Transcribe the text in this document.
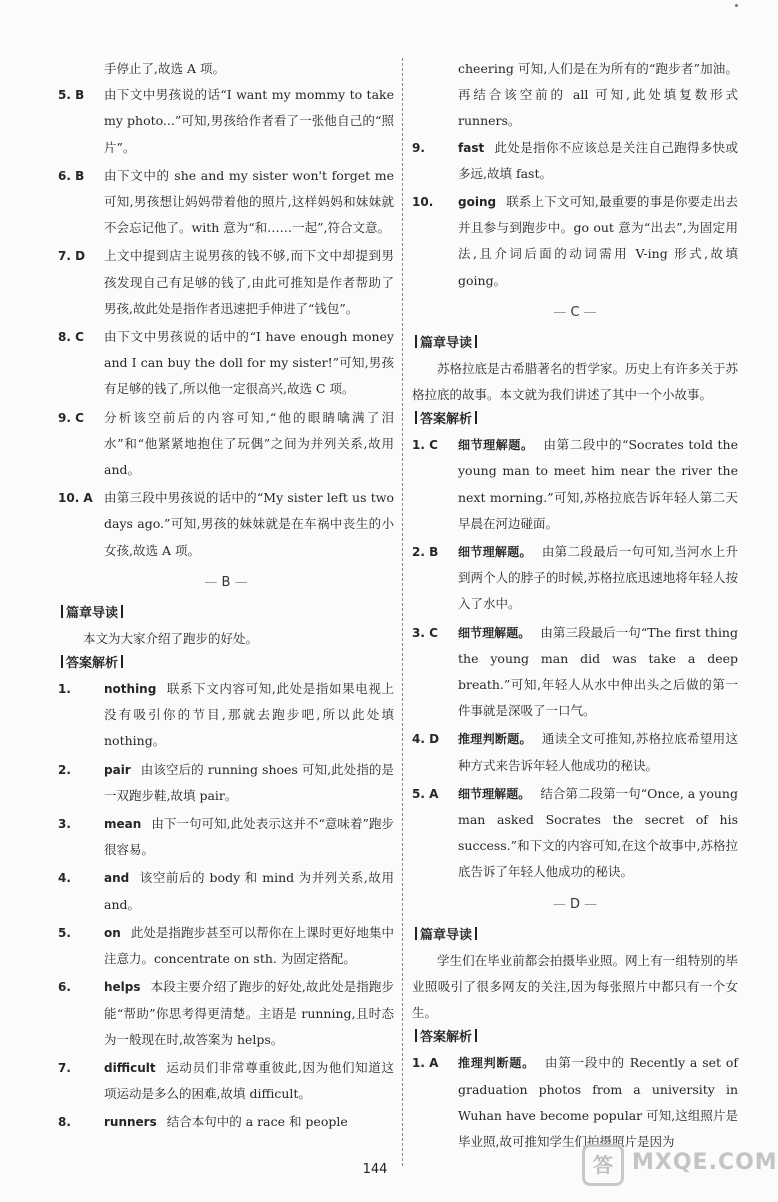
手停止了,故选 A 项。
5. B 由下文中男孩说的话“I want my mommy to take my photo...”可知,男孩给作者看了一张他自己的“照片”。
6. B 由下文中的 she and my sister won't forget me 可知,男孩想让妈妈带着他的照片,这样妈妈和妹妹就不会忘记他了。with 意为“和……一起”,符合文意。
7. D 上文中提到店主说男孩的钱不够,而下文中却提到男孩发现自己有足够的钱了,由此可推知是作者帮助了男孩,故此处是指作者迅速把手伸进了“钱包”。
8. C 由下文中男孩说的话中的“I have enough money and I can buy the doll for my sister!”可知,男孩有足够的钱了,所以他一定很高兴,故选 C 项。
9. C 分析该空前后的内容可知,“他的眼睛噙满了泪水”和“他紧紧地抱住了玩偶”之间为并列关系,故用 and。
10. A 由第三段中男孩说的话中的“My sister left us two days ago.”可知,男孩的妹妹就是在车祸中丧生的小女孩,故选 A 项。
— B —
篇章导读
本文为大家介绍了跑步的好处。
答案解析
1.	nothing 联系下文内容可知,此处是指如果电视上没有吸引你的节目,那就去跑步吧,所以此处填 nothing。
2.	pair 由该空后的 running shoes 可知,此处指的是一双跑步鞋,故填 pair。
3.	mean 由下一句可知,此处表示这并不“意味着”跑步很容易。
4.	and 该空前后的 body 和 mind 为并列关系,故用 and。
5.	on 此处是指跑步甚至可以帮你在上课时更好地集中注意力。concentrate on sth. 为固定搭配。
6.	helps 本段主要介绍了跑步的好处,故此处是指跑步能“帮助”你思考得更清楚。主语是 running,且时态为一般现在时,故答案为 helps。
7.	difficult 运动员们非常尊重彼此,因为他们知道这项运动是多么的困难,故填 difficult。
8.	runners 结合本句中的 a race 和 people
cheering 可知,人们是在为所有的“跑步者”加油。再结合该空前的 all 可知,此处填复数形式 runners。
9.	fast 此处是指你不应该总是关注自己跑得多快或多远,故填 fast。
10. going 联系上下文可知,最重要的事是你要走出去并且参与到跑步中。go out 意为“出去”,为固定用法,且介词后面的动词需用 V-ing 形式,故填 going。
— C —
篇章导读
苏格拉底是古希腊著名的哲学家。历史上有许多关于苏格拉底的故事。本文就为我们讲述了其中一个小故事。
答案解析
1. C 细节理解题。 由第二段中的“Socrates told the young man to meet him near the river the next morning.”可知,苏格拉底告诉年轻人第二天早晨在河边碰面。
2. B 细节理解题。 由第二段最后一句可知,当河水上升到两个人的脖子的时候,苏格拉底迅速地将年轻人按入了水中。
3. C 细节理解题。 由第三段最后一句“The first thing the young man did was take a deep breath.”可知,年轻人从水中伸出头之后做的第一件事就是深吸了一口气。
4. D 推理判断题。 通读全文可推知,苏格拉底希望用这种方式来告诉年轻人他成功的秘诀。
5. A 细节理解题。 结合第二段第一句“Once, a young man asked Socrates the secret of his success.”和下文的内容可知,在这个故事中,苏格拉底告诉了年轻人他成功的秘诀。
— D —
篇章导读
学生们在毕业前都会拍摄毕业照。网上有一组特别的毕业照吸引了很多网友的关注,因为每张照片中都只有一个女生。
答案解析
1. A 推理判断题。 由第一段中的 Recently a set of graduation photos from a university in Wuhan have become popular 可知,这组照片是毕业照,故可推知学生们拍摄照片是因为
144	答 MXQE.COM
